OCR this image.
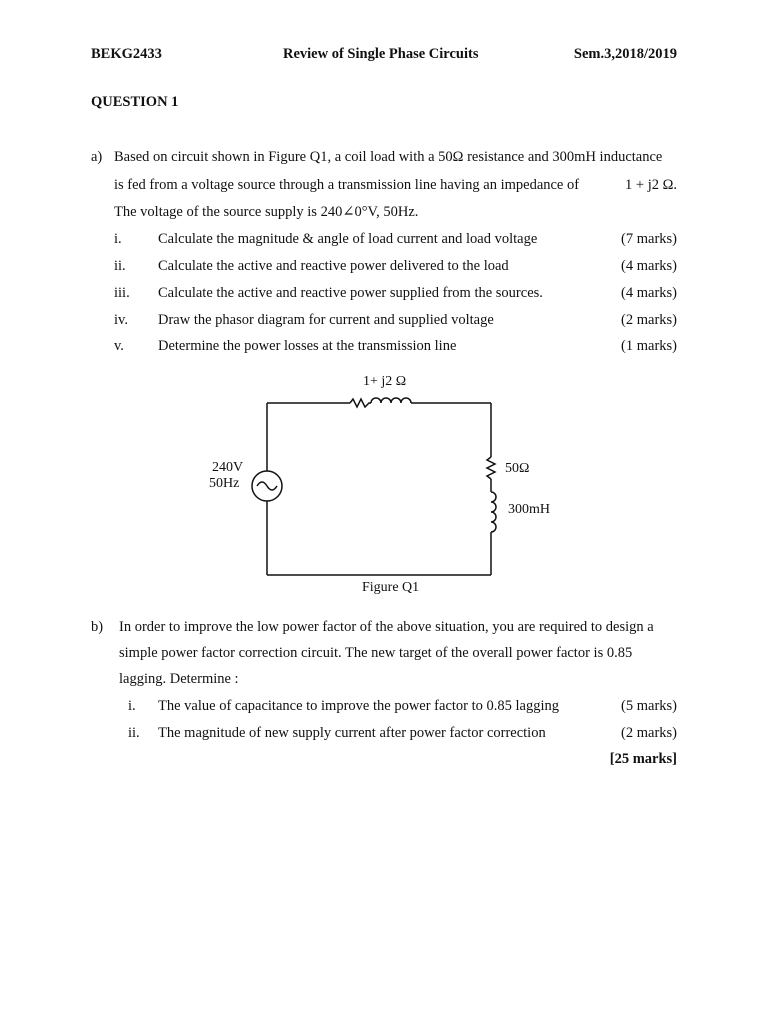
BEKG2433	Review of Single Phase Circuits	Sem.3,2018/2019
QUESTION 1
a) Based on circuit shown in Figure Q1, a coil load with a 50Ω resistance and 300mH inductance
is fed from a voltage source through a transmission line having an impedance of	1 + j2 Ω.
The voltage of the source supply is 240∠0°V, 50Hz.
i.	Calculate the magnitude & angle of load current and load voltage	(7 marks)
ii. Calculate the active and reactive power delivered to the load	(4 marks)
iii. Calculate the active and reactive power supplied from the sources.	(4 marks)
iv. Draw the phasor diagram for current and supplied voltage	(2 marks)
v. Determine the power losses at the transmission line	(1 marks)
1+ j2 Ω
240V
50Hz
50Ω
300mH
Figure Q1
b) In order to improve the low power factor of the above situation, you are required to design a
simple power factor correction circuit. The new target of the overall power factor is 0.85
lagging. Determine :
i. The value of capacitance to improve the power factor to 0.85 lagging	(5 marks)
ii. The magnitude of new supply current after power factor correction	(2 marks)
[25 marks]
